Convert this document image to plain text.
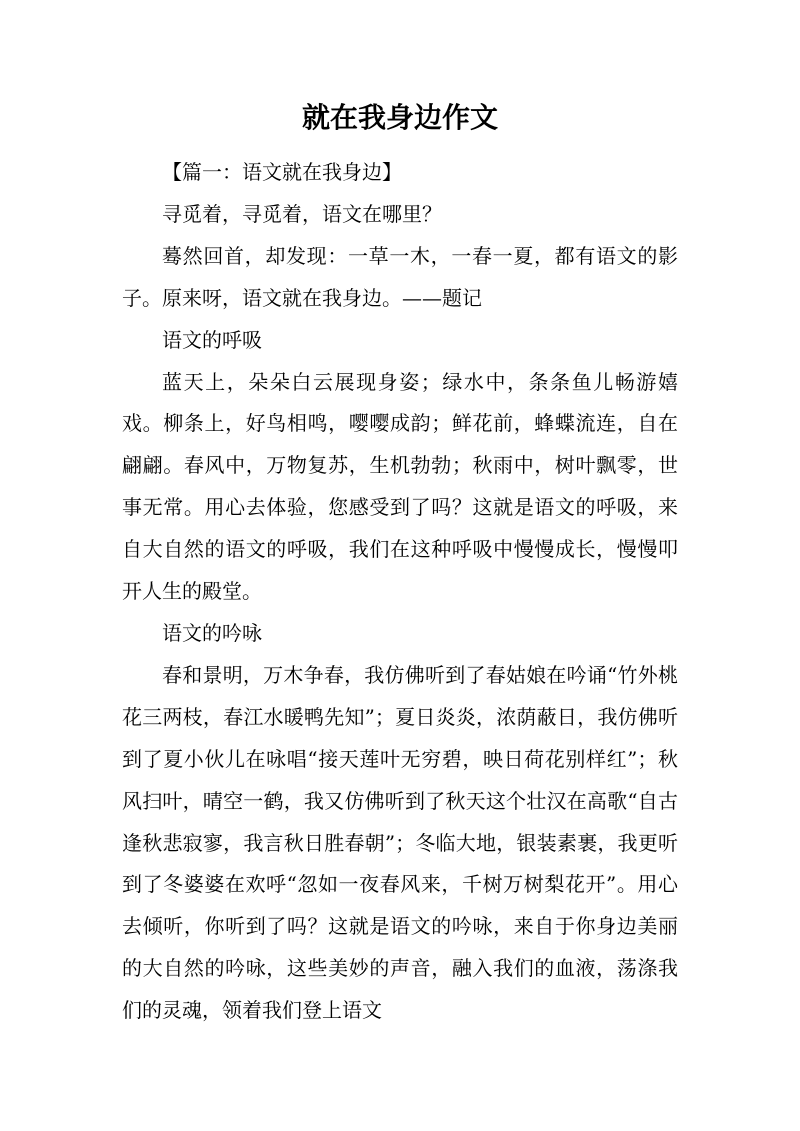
就在我身边作文

【篇一：语文就在我身边】

寻觅着，寻觅着，语文在哪里？

蓦然回首，却发现：一草一木，一春一夏，都有语文的影子。原来呀，语文就在我身边。——题记

语文的呼吸

蓝天上，朵朵白云展现身姿；绿水中，条条鱼儿畅游嬉戏。柳条上，好鸟相鸣，嘤嘤成韵；鲜花前，蜂蝶流连，自在翩翩。春风中，万物复苏，生机勃勃；秋雨中，树叶飘零，世事无常。用心去体验，您感受到了吗？这就是语文的呼吸，来自大自然的语文的呼吸，我们在这种呼吸中慢慢成长，慢慢叩开人生的殿堂。

语文的吟咏

春和景明，万木争春，我仿佛听到了春姑娘在吟诵“竹外桃花三两枝，春江水暖鸭先知”；夏日炎炎，浓荫蔽日，我仿佛听到了夏小伙儿在咏唱“接天莲叶无穷碧，映日荷花别样红”；秋风扫叶，晴空一鹤，我又仿佛听到了秋天这个壮汉在高歌“自古逢秋悲寂寥，我言秋日胜春朝”；冬临大地，银装素裹，我更听到了冬婆婆在欢呼“忽如一夜春风来，千树万树梨花开”。用心去倾听，你听到了吗？这就是语文的吟咏，来自于你身边美丽的大自然的吟咏，这些美妙的声音，融入我们的血液，荡涤我们的灵魂，领着我们登上语文
